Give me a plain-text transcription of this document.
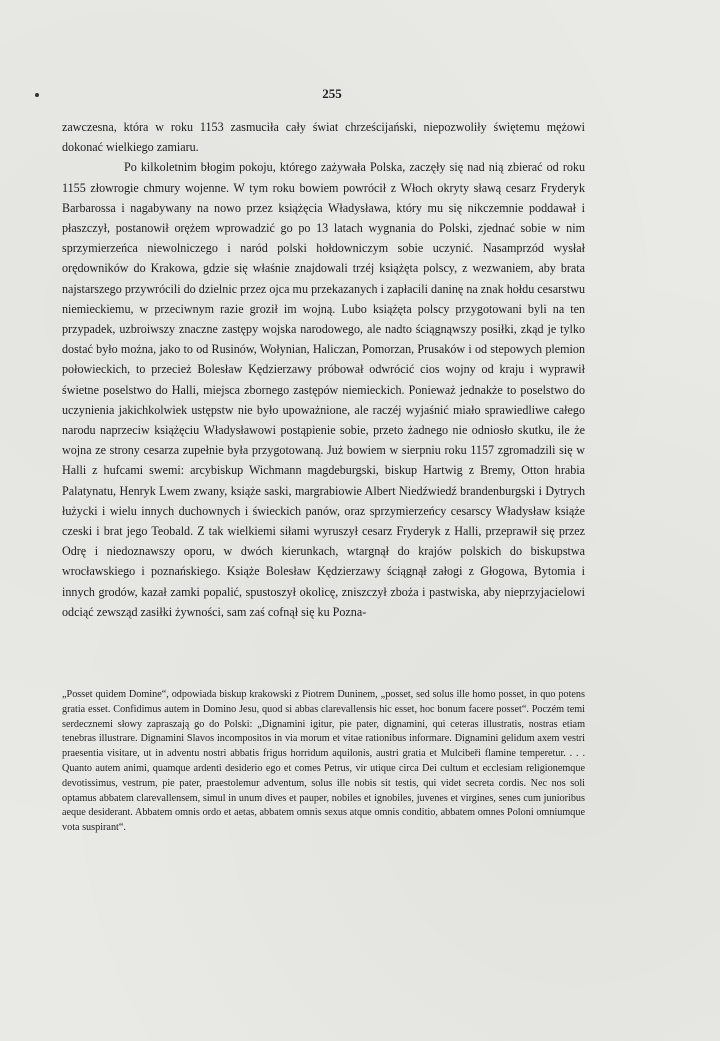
255

zawczesna, która w roku 1153 zasmuciła cały świat chrześcijański, niepozwoliły świętemu mężowi dokonać wielkiego zamiaru.

Po kilkoletnim błogim pokoju, którego zażywała Polska, zaczęły się nad nią zbierać od roku 1155 złowrogie chmury wojenne. W tym roku bowiem powrócił z Włoch okryty sławą cesarz Fryderyk Barbarossa i nagabywany na nowo przez książęcia Władysława, który mu się nikczemnie poddawał i płaszczył, postanowił orężem wprowadzić go po 13 latach wygnania do Polski, zjednać sobie w nim sprzymierzeńca niewolniczego i naród polski hołdowniczym sobie uczynić. Nasamprzód wysłał orędowników do Krakowa, gdzie się właśnie znajdowali trzéj książęta polscy, z wezwaniem, aby brata najstarszego przywrócili do dzielnic przez ojca mu przekazanych i zapłacili daninę na znak hołdu cesarstwu niemieckiemu, w przeciwnym razie groził im wojną. Lubo książęta polscy przygotowani byli na ten przypadek, uzbroiwszy znaczne zastępy wojska narodowego, ale nadto ściągnąwszy posiłki, zkąd je tylko dostać było można, jako to od Rusinów, Wołynian, Haliczan, Pomorzan, Prusaków i od stepowych plemion połowieckich, to przecież Bolesław Kędzierzawy próbował odwrócić cios wojny od kraju i wyprawił świetne poselstwo do Halli, miejsca zbornego zastępów niemieckich. Ponieważ jednakże to poselstwo do uczynienia jakichkolwiek ustępstw nie było upoważnione, ale raczéj wyjaśnić miało sprawiedliwe całego narodu naprzeciw książęciu Władysławowi postąpienie sobie, przeto żadnego nie odniosło skutku, ile że wojna ze strony cesarza zupełnie była przygotowaną. Już bowiem w sierpniu roku 1157 zgromadzili się w Halli z hufcami swemi: arcybiskup Wichmann magdeburgski, biskup Hartwig z Bremy, Otton hrabia Palatynatu, Henryk Lwem zwany, książe saski, margrabiowie Albert Niedźwiedź brandenburgski i Dytrych łużycki i wielu innych duchownych i świeckich panów, oraz sprzymierzeńcy cesarscy Władysław książe czeski i brat jego Teobald. Z tak wielkiemi siłami wyruszył cesarz Fryderyk z Halli, przeprawił się przez Odrę i niedoznawszy oporu, w dwóch kierunkach, wtargnął do krajów polskich do biskupstwa wrocławskiego i poznańskiego. Książe Bolesław Kędzierzawy ściągnął załogi z Głogowa, Bytomia i innych grodów, kazał zamki popalić, spustoszył okolicę, zniszczył zboża i pastwiska, aby nieprzyjacielowi odciąć zewsząd zasiłki żywności, sam zaś cofnął się ku Pozna-

„Posset quidem Domine“, odpowiada biskup krakowski z Piotrem Duninem, „posset, sed solus ille homo posset, in quo potens gratia esset. Confidimus autem in Domino Jesu, quod si abbas clarevallensis hic esset, hoc bonum facere posset“. Poczém temi serdecznemi słowy zapraszają go do Polski: „Dignamini igitur, pie pater, dignamini, qui ceteras illustratis, nostras etiam tenebras illustrare. Dignamini Slavos incompositos in via morum et vitae rationibus informare. Dignamini gelidum axem vestri praesentia visitare, ut in adventu nostri abbatis frigus horridum aquilonis, austri gratia et Mulcibeři flamine temperetur. . . . Quanto autem animi, quamque ardenti desiderio ego et comes Petrus, vir utique circa Dei cultum et ecclesiam religionemque devotissimus, vestrum, pie pater, praestolemur adventum, solus ille nobis sit testis, qui videt secreta cordis. Nec nos soli optamus abbatem clarevallensem, simul in unum dives et pauper, nobiles et ignobiles, juvenes et virgines, senes cum junioribus aeque desiderant. Abbatem omnis ordo et aetas, abbatem omnis sexus atque omnis conditio, abbatem omnes Poloni omniumque vota suspirant“.
